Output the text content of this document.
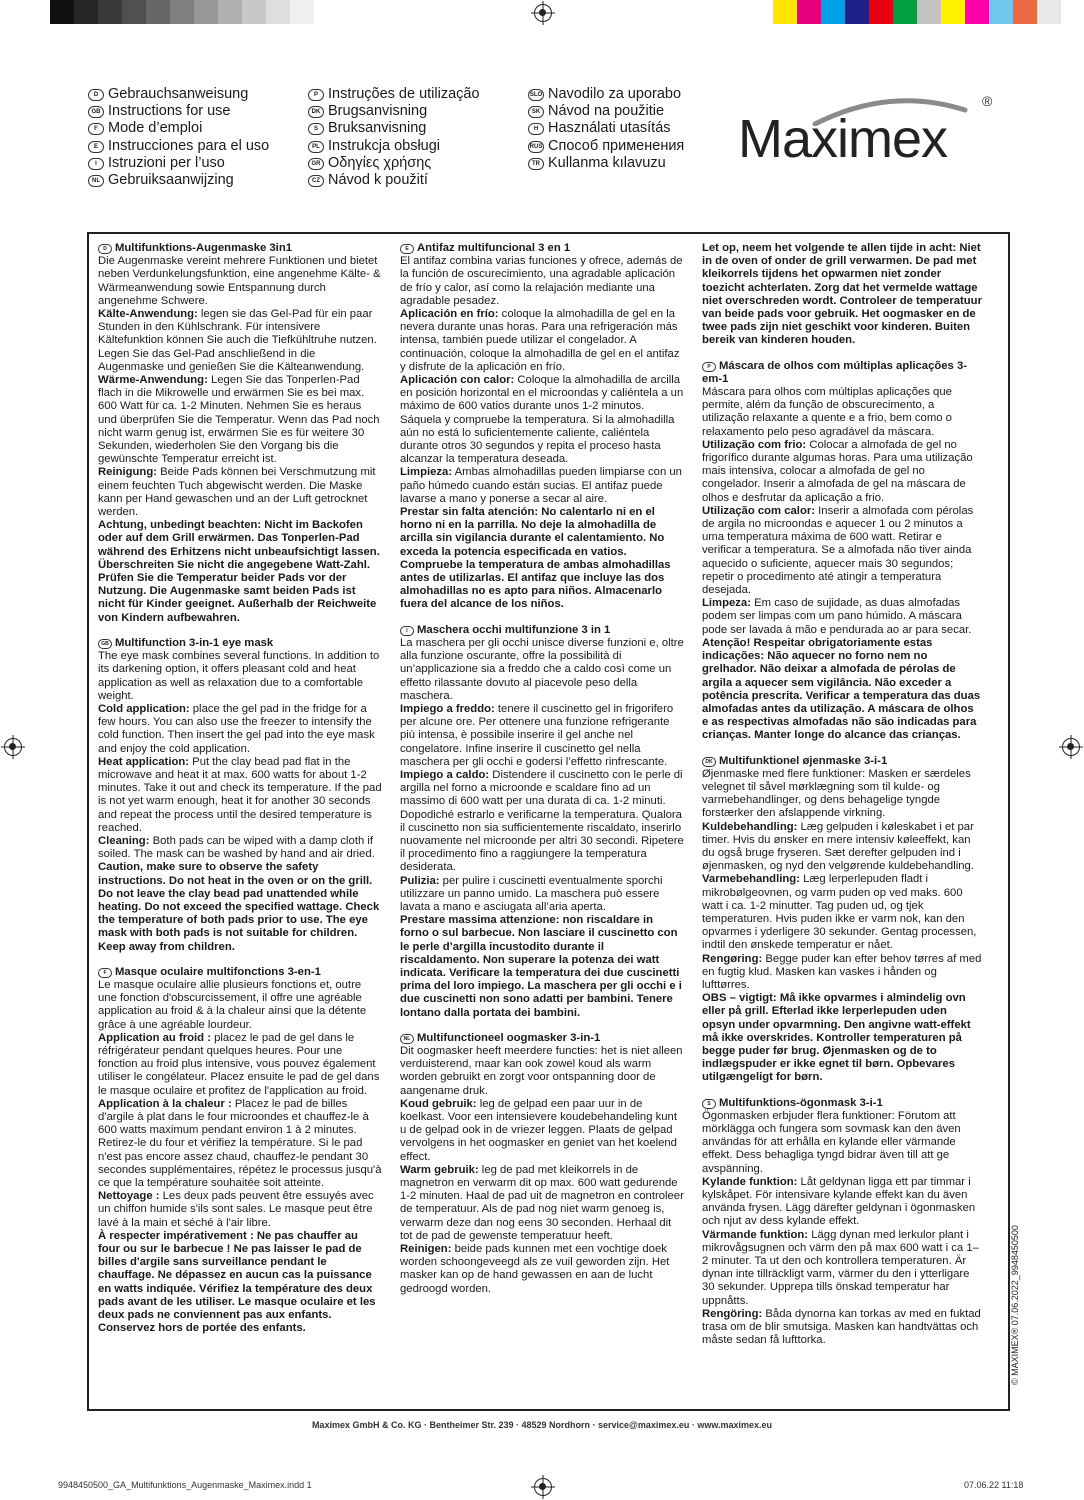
D Gebrauchsanweisung
GB Instructions for use
F Mode d’emploi
E Instrucciones para el uso
I Istruzioni per l’uso
NL Gebruiksaanwijzing
P Instruções de utilização
DK Brugsanvisning
S Bruksanvisning
PL Instrukcja obsługi
GR Οδηγίες χρήσης
CZ Návod k použití
SLO Navodilo za uporabo
SK Návod na použitie
H Használati utasítás
RUS Способ применения
TR Kullanma kılavuzu	Maximex
®

D Multifunktions-Augenmaske 3in1

Die Augenmaske vereint mehrere Funktionen und bietet neben Verdunkelungsfunktion, eine angenehme Kälte- & Wärmeanwendung sowie Entspannung durch angenehme Schwere.

Kälte-Anwendung: legen sie das Gel-Pad für ein paar Stunden in den Kühlschrank. Für intensivere Kältefunktion können Sie auch die Tiefkühltruhe nutzen. Legen Sie das Gel-Pad anschließend in die Augenmaske und genießen Sie die Kälteanwendung.

Wärme-Anwendung: Legen Sie das Tonperlen-Pad flach in die Mikrowelle und erwärmen Sie es bei max. 600 Watt für ca. 1-2 Minuten. Nehmen Sie es heraus und überprüfen Sie die Temperatur. Wenn das Pad noch nicht warm genug ist, erwärmen Sie es für weitere 30 Sekunden, wiederholen Sie den Vorgang bis die gewünschte Temperatur erreicht ist.

Reinigung: Beide Pads können bei Verschmutzung mit einem feuchten Tuch abgewischt werden. Die Maske kann per Hand gewaschen und an der Luft getrocknet werden.

Achtung, unbedingt beachten: Nicht im Backofen oder auf dem Grill erwärmen. Das Tonperlen-Pad während des Erhitzens nicht unbeaufsichtigt lassen. Überschreiten Sie nicht die angegebene Watt-Zahl. Prüfen Sie die Temperatur beider Pads vor der Nutzung. Die Augenmaske samt beiden Pads ist nicht für Kinder geeignet. Außerhalb der Reichweite von Kindern aufbewahren.

GB Multifunction 3-in-1 eye mask

The eye mask combines several functions. In addition to its darkening option, it offers pleasant cold and heat application as well as relaxation due to a comfortable weight.

Cold application: place the gel pad in the fridge for a few hours. You can also use the freezer to intensify the cold function. Then insert the gel pad into the eye mask and enjoy the cold application.

Heat application: Put the clay bead pad flat in the microwave and heat it at max. 600 watts for about 1-2 minutes. Take it out and check its temperature. If the pad is not yet warm enough, heat it for another 30 seconds and repeat the process until the desired temperature is reached.

Cleaning: Both pads can be wiped with a damp cloth if soiled. The mask can be washed by hand and air dried.

Caution, make sure to observe the safety instructions. Do not heat in the oven or on the grill. Do not leave the clay bead pad unattended while heating. Do not exceed the specified wattage. Check the temperature of both pads prior to use. The eye mask with both pads is not suitable for children. Keep away from children.

F Masque oculaire multifonctions 3-en-1

Le masque oculaire allie plusieurs fonctions et, outre une fonction d'obscurcissement, il offre une agréable application au froid & à la chaleur ainsi que la détente grâce à une agréable lourdeur.

Application au froid : placez le pad de gel dans le réfrigérateur pendant quelques heures. Pour une fonction au froid plus intensive, vous pouvez également utiliser le congélateur. Placez ensuite le pad de gel dans le masque oculaire et profitez de l'application au froid.

Application à la chaleur : Placez le pad de billes d'argile à plat dans le four microondes et chauffez-le à 600 watts maximum pendant environ 1 à 2 minutes. Retirez-le du four et vérifiez la température. Si le pad n'est pas encore assez chaud, chauffez-le pendant 30 secondes supplémentaires, répétez le processus jusqu'à ce que la température souhaitée soit atteinte.

Nettoyage : Les deux pads peuvent être essuyés avec un chiffon humide s'ils sont sales. Le masque peut être lavé à la main et séché à l'air libre.

À respecter impérativement : Ne pas chauffer au four ou sur le barbecue ! Ne pas laisser le pad de billes d'argile sans surveillance pendant le chauffage. Ne dépassez en aucun cas la puissance en watts indiquée. Vérifiez la température des deux pads avant de les utiliser. Le masque oculaire et les deux pads ne conviennent pas aux enfants. Conservez hors de portée des enfants.

E Antifaz multifuncional 3 en 1

El antifaz combina varias funciones y ofrece, además de la función de oscurecimiento, una agradable aplicación de frío y calor, así como la relajación mediante una agradable pesadez.

Aplicación en frío: coloque la almohadilla de gel en la nevera durante unas horas. Para una refrigeración más intensa, también puede utilizar el congelador. A continuación, coloque la almohadilla de gel en el antifaz y disfrute de la aplicación en frío.

Aplicación con calor: Coloque la almohadilla de arcilla en posición horizontal en el microondas y caliéntela a un máximo de 600 vatios durante unos 1-2 minutos. Sáquela y compruebe la temperatura. Si la almohadilla aún no está lo suficientemente caliente, caliéntela durante otros 30 segundos y repita el proceso hasta alcanzar la temperatura deseada.

Limpieza: Ambas almohadillas pueden limpiarse con un paño húmedo cuando están sucias. El antifaz puede lavarse a mano y ponerse a secar al aire.

Prestar sin falta atención: No calentarlo ni en el horno ni en la parrilla. No deje la almohadilla de arcilla sin vigilancia durante el calentamiento. No exceda la potencia especificada en vatios. Compruebe la temperatura de ambas almohadillas antes de utilizarlas. El antifaz que incluye las dos almohadillas no es apto para niños. Almacenarlo fuera del alcance de los niños.

I Maschera occhi multifunzione 3 in 1

La maschera per gli occhi unisce diverse funzioni e, oltre alla funzione oscurante, offre la possibilità di un’applicazione sia a freddo che a caldo così come un effetto rilassante dovuto al piacevole peso della maschera.

Impiego a freddo: tenere il cuscinetto gel in frigorifero per alcune ore. Per ottenere una funzione refrigerante più intensa, è possibile inserire il gel anche nel congelatore. Infine inserire il cuscinetto gel nella maschera per gli occhi e godersi l’effetto rinfrescante.

Impiego a caldo: Distendere il cuscinetto con le perle di argilla nel forno a microonde e scaldare fino ad un massimo di 600 watt per una durata di ca. 1-2 minuti. Dopodiché estrarlo e verificarne la temperatura. Qualora il cuscinetto non sia sufficientemente riscaldato, inserirlo nuovamente nel microonde per altri 30 secondi. Ripetere il procedimento fino a raggiungere la temperatura desiderata.

Pulizia: per pulire i cuscinetti eventualmente sporchi utilizzare un panno umido. La maschera può essere lavata a mano e asciugata all’aria aperta.

Prestare massima attenzione: non riscaldare in forno o sul barbecue. Non lasciare il cuscinetto con le perle d’argilla incustodito durante il riscaldamento. Non superare la potenza dei watt indicata. Verificare la temperatura dei due cuscinetti prima del loro impiego. La maschera per gli occhi e i due cuscinetti non sono adatti per bambini. Tenere lontano dalla portata dei bambini.

NL Multifunctioneel oogmasker 3-in-1

Dit oogmasker heeft meerdere functies: het is niet alleen verduisterend, maar kan ook zowel koud als warm worden gebruikt en zorgt voor ontspanning door de aangename druk.

Koud gebruik: leg de gelpad een paar uur in de koelkast. Voor een intensievere koudebehandeling kunt u de gelpad ook in de vriezer leggen. Plaats de gelpad vervolgens in het oogmasker en geniet van het koelend effect.

Warm gebruik: leg de pad met kleikorrels in de magnetron en verwarm dit op max. 600 watt gedurende 1-2 minuten. Haal de pad uit de magnetron en controleer de temperatuur. Als de pad nog niet warm genoeg is, verwarm deze dan nog eens 30 seconden. Herhaal dit tot de pad de gewenste temperatuur heeft.

Reinigen: beide pads kunnen met een vochtige doek worden schoongeveegd als ze vuil geworden zijn. Het masker kan op de hand gewassen en aan de lucht gedroogd worden.

Let op, neem het volgende te allen tijde in acht: Niet in de oven of onder de grill verwarmen. De pad met kleikorrels tijdens het opwarmen niet zonder toezicht achterlaten. Zorg dat het vermelde wattage niet overschreden wordt. Controleer de temperatuur van beide pads voor gebruik. Het oogmasker en de twee pads zijn niet geschikt voor kinderen. Buiten bereik van kinderen houden.

P Máscara de olhos com múltiplas aplicações 3-em-1

Máscara para olhos com múltiplas aplicações que permite, além da função de obscurecimento, a utilização relaxante a quente e a frio, bem como o relaxamento pelo peso agradável da máscara.

Utilização com frio: Colocar a almofada de gel no frigorífico durante algumas horas. Para uma utilização mais intensiva, colocar a almofada de gel no congelador. Inserir a almofada de gel na máscara de olhos e desfrutar da aplicação a frio.

Utilização com calor: Inserir a almofada com pérolas de argila no microondas e aquecer 1 ou 2 minutos a uma temperatura máxima de 600 watt. Retirar e verificar a temperatura. Se a almofada não tiver ainda aquecido o suficiente, aquecer mais 30 segundos; repetir o procedimento até atingir a temperatura desejada.

Limpeza: Em caso de sujidade, as duas almofadas podem ser limpas com um pano húmido. A máscara pode ser lavada à mão e pendurada ao ar para secar.

Atenção! Respeitar obrigatoriamente estas indicações: Não aquecer no forno nem no grelhador. Não deixar a almofada de pérolas de argila a aquecer sem vigilância. Não exceder a potência prescrita. Verificar a temperatura das duas almofadas antes da utilização. A máscara de olhos e as respectivas almofadas não são indicadas para crianças. Manter longe do alcance das crianças.

DK Multifunktionel øjenmaske 3-i-1

Øjenmaske med flere funktioner: Masken er særdeles velegnet til såvel mørklægning som til kulde- og varmebehandlinger, og dens behagelige tyngde forstærker den afslappende virkning.

Kuldebehandling: Læg gelpuden i køleskabet i et par timer. Hvis du ønsker en mere intensiv køleeffekt, kan du også bruge fryseren. Sæt derefter gelpuden ind i øjenmasken, og nyd den velgørende kuldebehandling.

Varmebehandling: Læg lerperlepuden fladt i mikrobølgeovnen, og varm puden op ved maks. 600 watt i ca. 1-2 minutter. Tag puden ud, og tjek temperaturen. Hvis puden ikke er varm nok, kan den opvarmes i yderligere 30 sekunder. Gentag processen, indtil den ønskede temperatur er nået.

Rengøring: Begge puder kan efter behov tørres af med en fugtig klud. Masken kan vaskes i hånden og lufttørres.

OBS – vigtigt: Må ikke opvarmes i almindelig ovn eller på grill. Efterlad ikke lerperlepuden uden opsyn under opvarmning. Den angivne watt-effekt må ikke overskrides. Kontroller temperaturen på begge puder før brug. Øjenmasken og de to indlægspuder er ikke egnet til børn. Opbevares utilgængeligt for børn.

S Multifunktions-ögonmask 3-i-1

Ögonmasken erbjuder flera funktioner: Förutom att mörklägga och fungera som sovmask kan den även användas för att erhålla en kylande eller värmande effekt. Dess behagliga tyngd bidrar även till att ge avspänning.

Kylande funktion: Låt geldynan ligga ett par timmar i kylskåpet. För intensivare kylande effekt kan du även använda frysen. Lägg därefter geldynan i ögonmasken och njut av dess kylande effekt.

Värmande funktion: Lägg dynan med lerkulor plant i mikrovågsugnen och värm den på max 600 watt i ca 1–2 minuter. Ta ut den och kontrollera temperaturen. Är dynan inte tillräckligt varm, värmer du den i ytterligare 30 sekunder. Upprepa tills önskad temperatur har uppnåtts.

Rengöring: Båda dynorna kan torkas av med en fuktad trasa om de blir smutsiga. Masken kan handtvättas och måste sedan få lufttorka.	© MAXIMEX® 07.06.2022_9948450500
Maximex GmbH & Co. KG · Bentheimer Str. 239 · 48529 Nordhorn · service@maximex.eu · www.maximex.eu
9948450500_GA_Multifunktions_Augenmaske_Maximex.indd 1	07.06.22 11:18
